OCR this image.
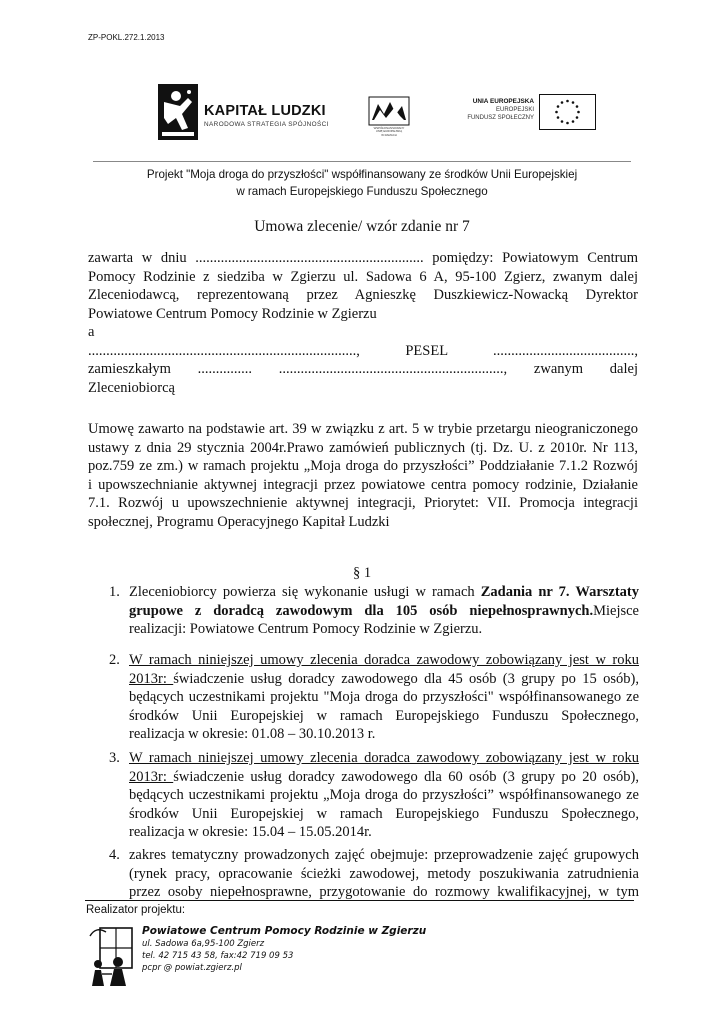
ZP-POKL.272.1.2013
KAPITAŁ LUDZKI
NARODOWA STRATEGIA SPÓJNOŚCI	WSPÓŁFINANSOWANY
UNIĘ EUROPEJSKĄ
W RAMACH
UNIA EUROPEJSKA
EUROPEJSKI
FUNDUSZ SPOŁECZNY
Projekt "Moja droga do przyszłości" współfinansowany ze środków Unii Europejskiej
w ramach Europejskiego Funduszu Społecznego
Umowa zlecenie/ wzór zdanie nr 7
zawarta w dniu ............................................................... pomiędzy: Powiatowym Centrum
Pomocy Rodzinie z siedziba w Zgierzu ul. Sadowa 6 A, 95-100 Zgierz, zwanym dalej
Zleceniodawcą, reprezentowaną przez Agnieszkę Duszkiewicz-Nowacką Dyrektor
Powiatowe Centrum Pomocy Rodzinie w Zgierzu
a
.........................................................................., PESEL .......................................,
zamieszkałym ............... .............................................................., zwanym dalej
Zleceniobiorcą
Umowę zawarto na podstawie art. 39 w związku z art. 5 w trybie przetargu nieograniczonego
ustawy z dnia 29 stycznia 2004r.Prawo zamówień publicznych (tj. Dz. U. z 2010r. Nr 113,
poz.759 ze zm.) w ramach projektu „Moja droga do przyszłości” Poddziałanie 7.1.2 Rozwój
i upowszechnianie aktywnej integracji przez powiatowe centra pomocy rodzinie, Działanie
7.1. Rozwój u upowszechnienie aktywnej integracji, Priorytet: VII. Promocja integracji
społecznej, Programu Operacyjnego Kapitał Ludzki
§ 1
1. Zleceniobiorcy powierza się wykonanie usługi w ramach Zadania nr 7. Warsztaty
grupowe z doradcą zawodowym dla 105 osób niepełnosprawnych.Miejsce
realizacji: Powiatowe Centrum Pomocy Rodzinie w Zgierzu.
2. W ramach niniejszej umowy zlecenia doradca zawodowy zobowiązany jest w roku
2013r: świadczenie usług doradcy zawodowego dla 45 osób (3 grupy po 15 osób),
będących uczestnikami projektu "Moja droga do przyszłości" współfinansowanego ze
środków Unii Europejskiej w ramach Europejskiego Funduszu Społecznego,
realizacja w okresie: 01.08 – 30.10.2013 r.
3. W ramach niniejszej umowy zlecenia doradca zawodowy zobowiązany jest w roku
2013r: świadczenie usług doradcy zawodowego dla 60 osób (3 grupy po 20 osób),
będących uczestnikami projektu „Moja droga do przyszłości” współfinansowanego ze
środków Unii Europejskiej w ramach Europejskiego Funduszu Społecznego,
realizacja w okresie: 15.04 – 15.05.2014r.
4. zakres tematyczny prowadzonych zajęć obejmuje: przeprowadzenie zajęć grupowych
(rynek pracy, opracowanie ścieżki zawodowej, metody poszukiwania zatrudnienia
przez osoby niepełnosprawne, przygotowanie do rozmowy kwalifikacyjnej, w tym
Realizator projektu:
Powiatowe Centrum Pomocy Rodzinie w Zgierzu
ul. Sadowa 6a,95-100 Zgierz
tel. 42 715 43 58, fax:42 719 09 53
pcpr @ powiat.zgierz.pl
